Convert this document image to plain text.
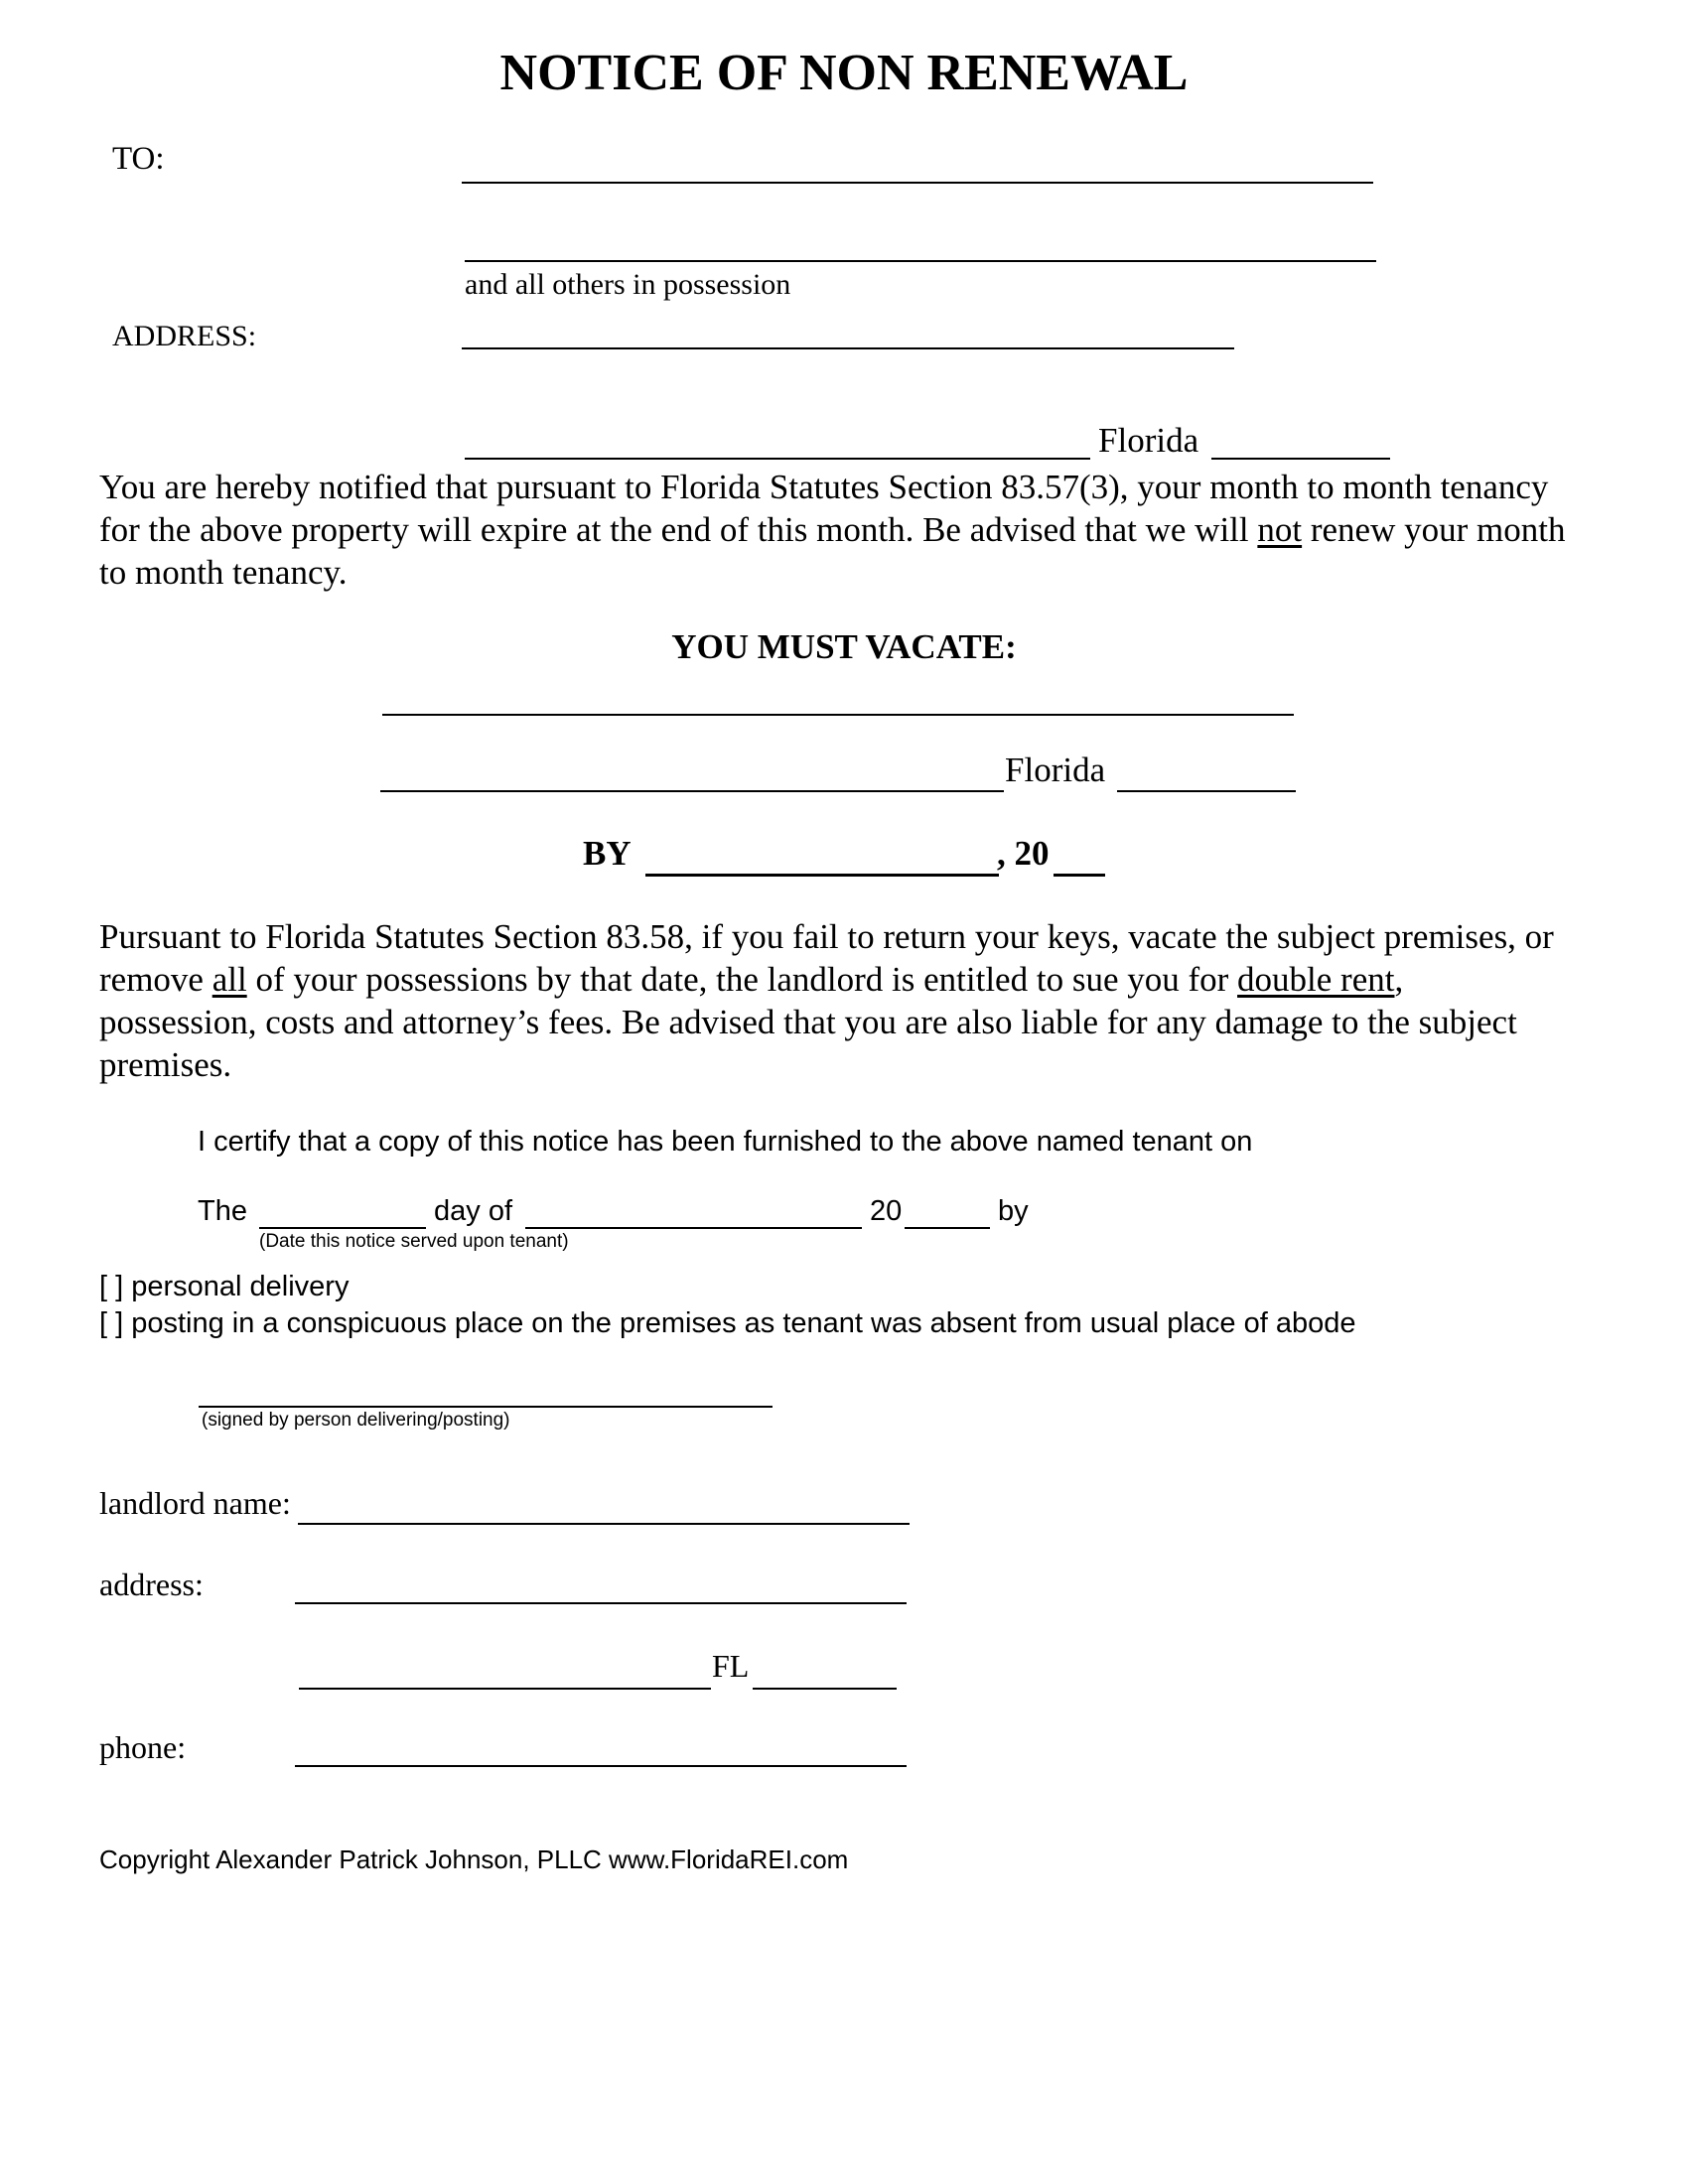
NOTICE OF NON RENEWAL
TO:
and all others in possession
ADDRESS:
Florida
You are hereby notified that pursuant to Florida Statutes Section 83.57(3), your month to month tenancy for the above property will expire at the end of this month. Be advised that we will not renew your month to month tenancy.
YOU MUST VACATE:
Florida
BY	, 20
Pursuant to Florida Statutes Section 83.58, if you fail to return your keys, vacate the subject premises, or remove all of your possessions by that date, the landlord is entitled to sue you for double rent, possession, costs and attorney’s fees. Be advised that you are also liable for any damage to the subject premises.
I certify that a copy of this notice has been furnished to the above named tenant on
The	day of	20	by
(Date this notice served upon tenant)
[ ] personal delivery
[ ] posting in a conspicuous place on the premises as tenant was absent from usual place of abode
(signed by person delivering/posting)
landlord name:
address:
FL
phone:
Copyright Alexander Patrick Johnson, PLLC www.FloridaREI.com
